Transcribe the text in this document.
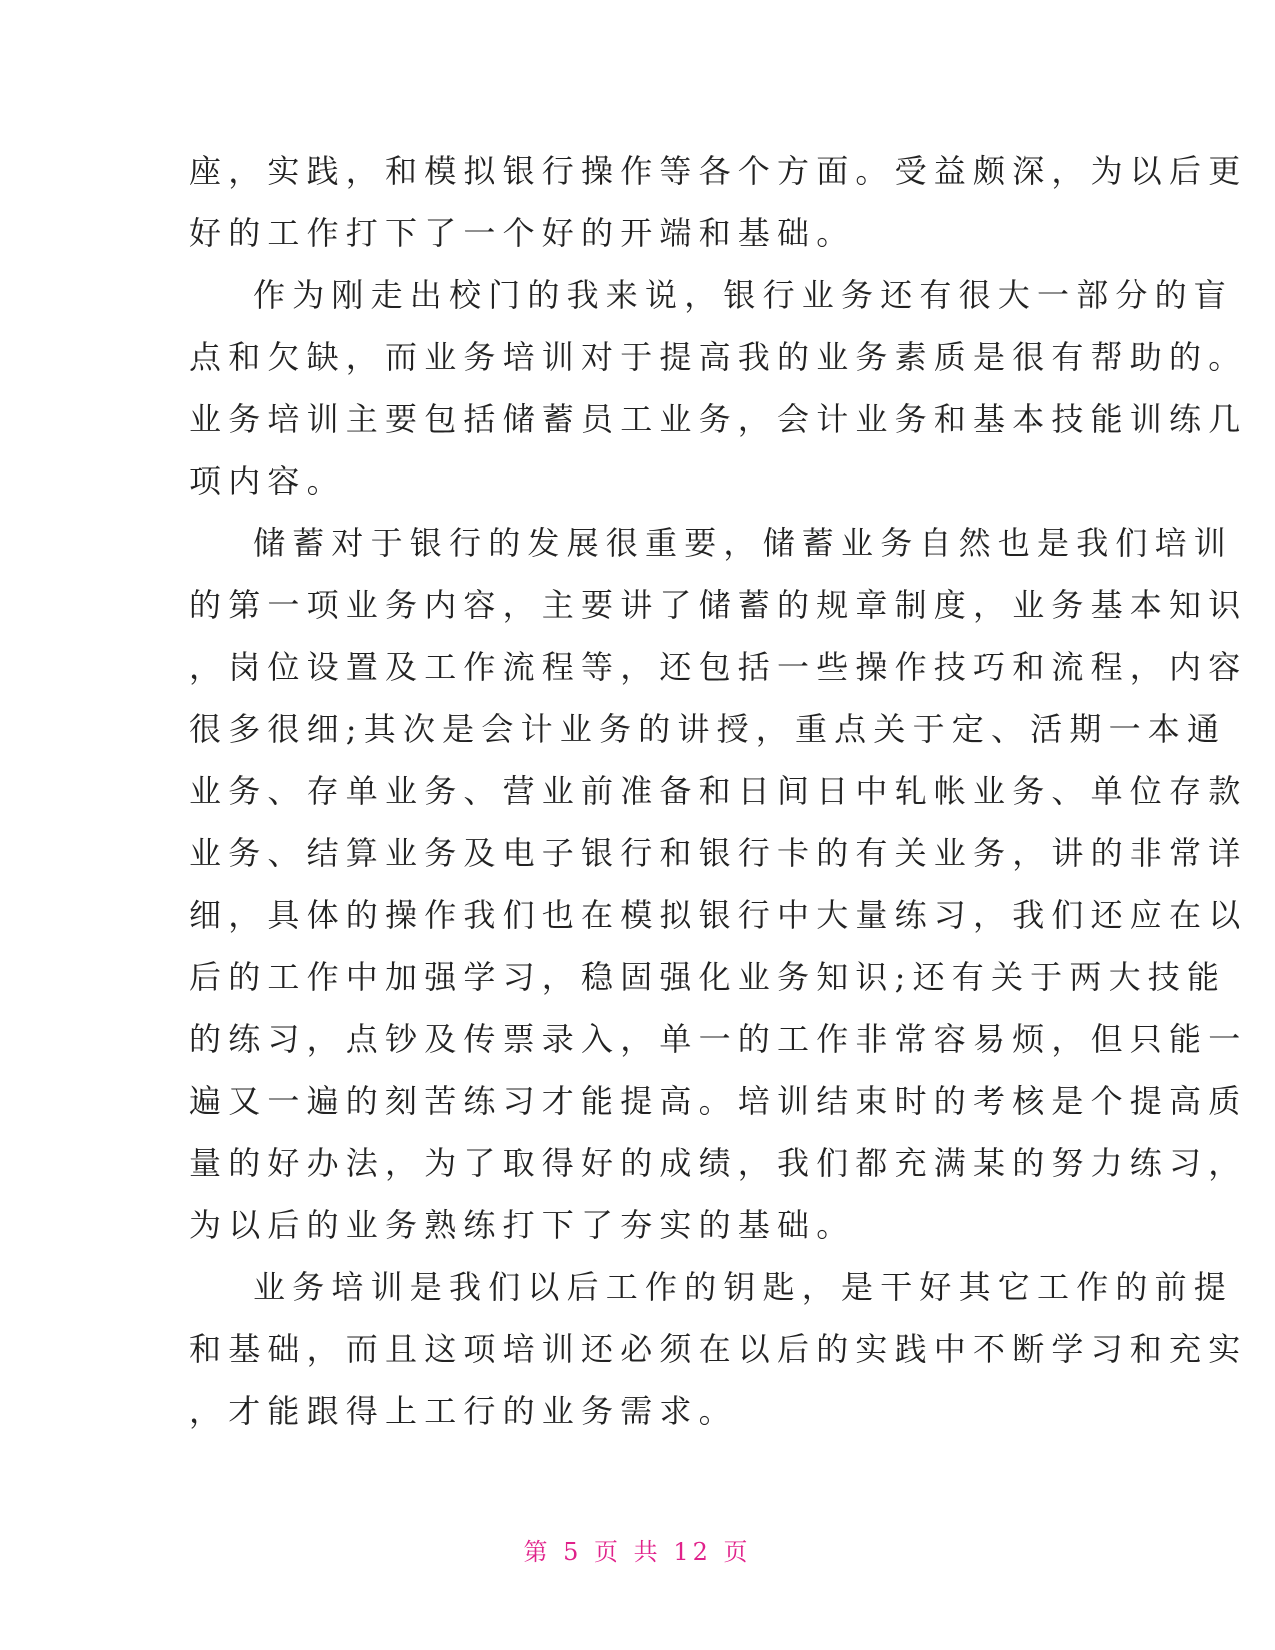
座，实践，和模拟银行操作等各个方面。受益颇深，为以后更
好的工作打下了一个好的开端和基础。
作为刚走出校门的我来说，银行业务还有很大一部分的盲
点和欠缺，而业务培训对于提高我的业务素质是很有帮助的。
业务培训主要包括储蓄员工业务，会计业务和基本技能训练几
项内容。
储蓄对于银行的发展很重要，储蓄业务自然也是我们培训
的第一项业务内容，主要讲了储蓄的规章制度，业务基本知识
，岗位设置及工作流程等，还包括一些操作技巧和流程，内容
很多很细;其次是会计业务的讲授，重点关于定、活期一本通
业务、存单业务、营业前准备和日间日中轧帐业务、单位存款
业务、结算业务及电子银行和银行卡的有关业务，讲的非常详
细，具体的操作我们也在模拟银行中大量练习，我们还应在以
后的工作中加强学习，稳固强化业务知识;还有关于两大技能
的练习，点钞及传票录入，单一的工作非常容易烦，但只能一
遍又一遍的刻苦练习才能提高。培训结束时的考核是个提高质
量的好办法，为了取得好的成绩，我们都充满某的努力练习，
为以后的业务熟练打下了夯实的基础。
业务培训是我们以后工作的钥匙，是干好其它工作的前提
和基础，而且这项培训还必须在以后的实践中不断学习和充实
，才能跟得上工行的业务需求。
第 5 页 共 12 页
